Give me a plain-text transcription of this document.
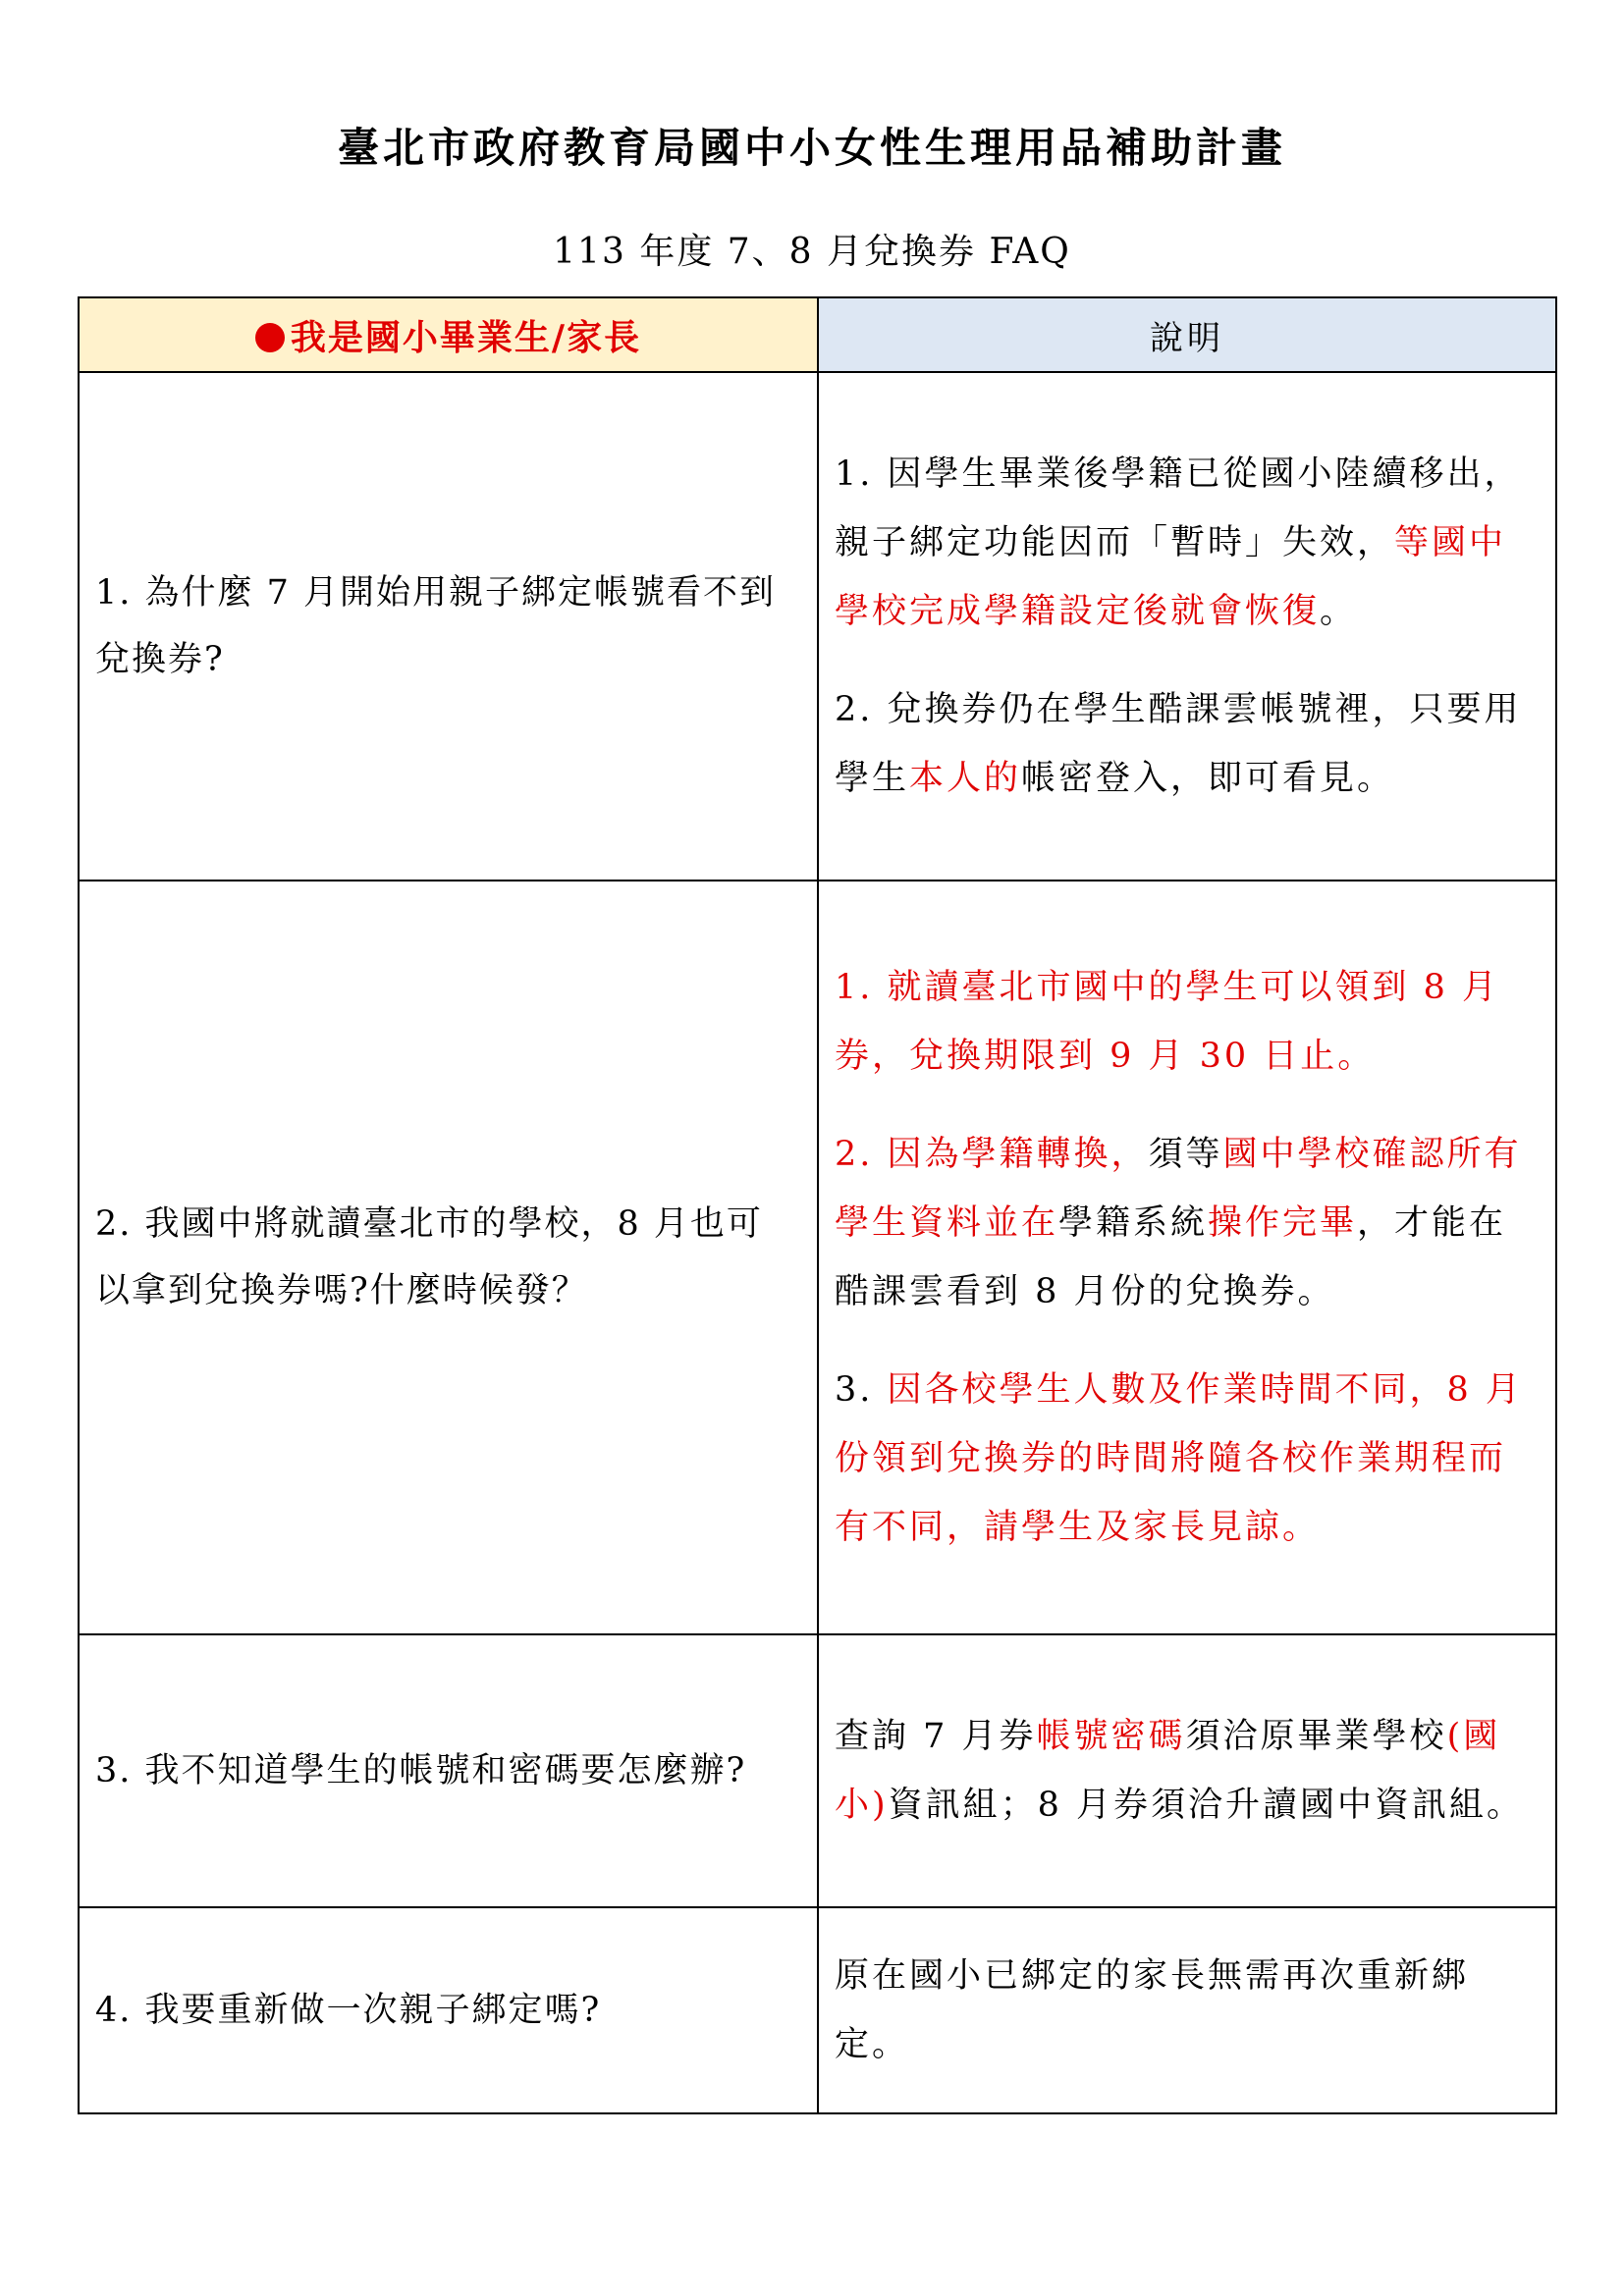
臺北市政府教育局國中小女性生理用品補助計畫
113 年度 7、8 月兌換券 FAQ
我是國小畢業生/家長	說明
1. 為什麼 7 月開始用親子綁定帳號看不到兌換券?	1. 因學生畢業後學籍已從國小陸續移出，親子綁定功能因而「暫時」失效，等國中學校完成學籍設定後就會恢復。

2. 兌換券仍在學生酷課雲帳號裡，只要用學生本人的帳密登入，即可看見。

2. 我國中將就讀臺北市的學校，8 月也可以拿到兌換券嗎?什麼時候發？	1. 就讀臺北市國中的學生可以領到 8 月券，兌換期限到 9 月 30 日止。

2. 因為學籍轉換，須等國中學校確認所有學生資料並在學籍系統操作完畢，才能在酷課雲看到 8 月份的兌換券。

3. 因各校學生人數及作業時間不同，8 月份領到兌換券的時間將隨各校作業期程而有不同，請學生及家長見諒。

3. 我不知道學生的帳號和密碼要怎麼辦?	查詢 7 月券帳號密碼須洽原畢業學校(國小)資訊組；8 月券須洽升讀國中資訊組。

4. 我要重新做一次親子綁定嗎?	原在國小已綁定的家長無需再次重新綁定。
